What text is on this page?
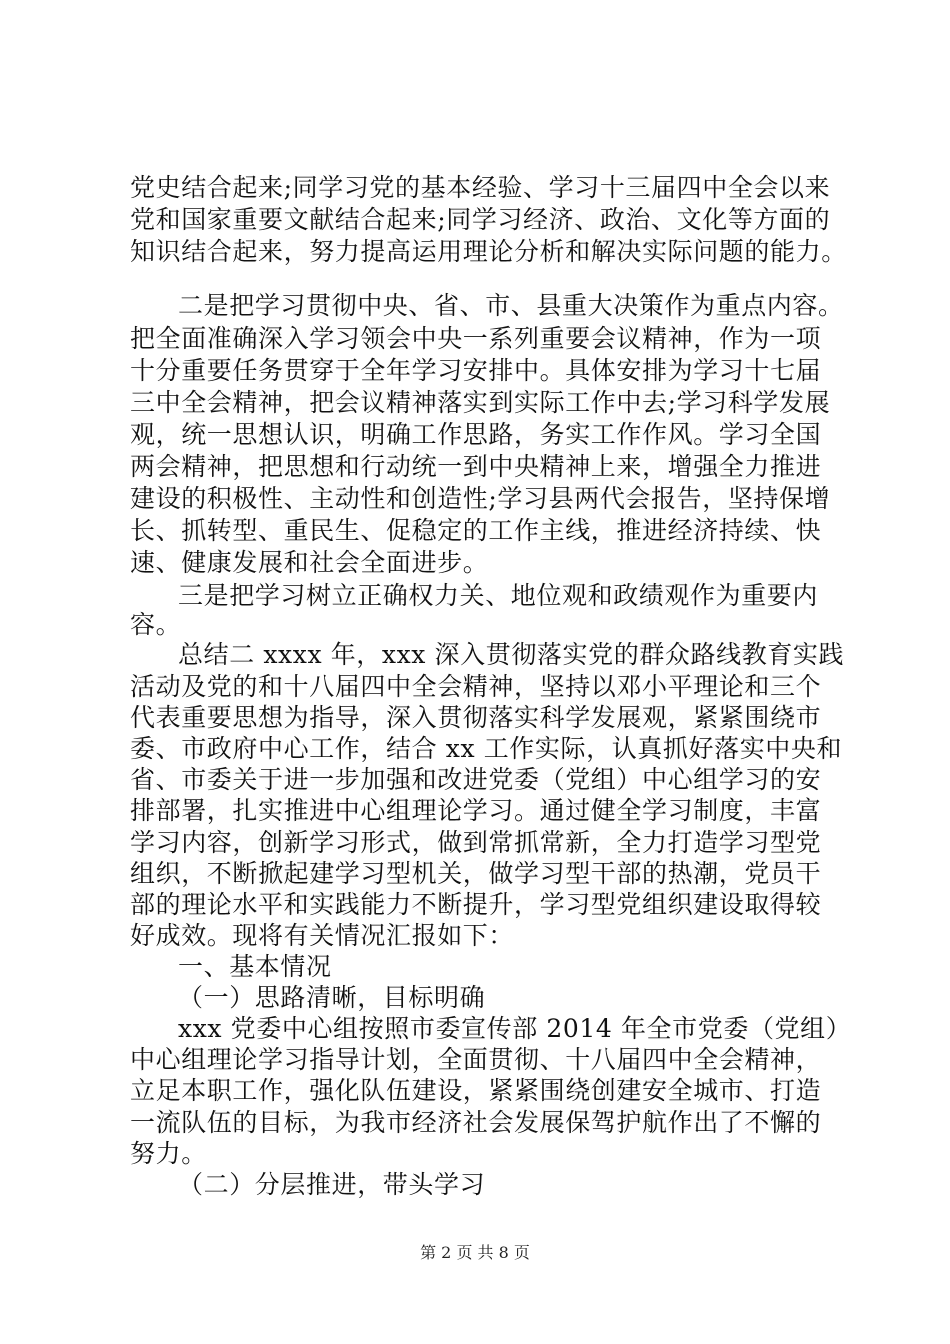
党史结合起来;同学习党的基本经验、学习十三届四中全会以来
党和国家重要文献结合起来;同学习经济、政治、文化等方面的
知识结合起来，努力提高运用理论分析和解决实际问题的能力。
二是把学习贯彻中央、省、市、县重大决策作为重点内容。
把全面准确深入学习领会中央一系列重要会议精神，作为一项
十分重要任务贯穿于全年学习安排中。具体安排为学习十七届
三中全会精神，把会议精神落实到实际工作中去;学习科学发展
观，统一思想认识，明确工作思路，务实工作作风。学习全国
两会精神，把思想和行动统一到中央精神上来，增强全力推进
建设的积极性、主动性和创造性;学习县两代会报告，坚持保增
长、抓转型、重民生、促稳定的工作主线，推进经济持续、快
速、健康发展和社会全面进步。
三是把学习树立正确权力关、地位观和政绩观作为重要内
容。
总结二 xxxx 年，xxx 深入贯彻落实党的群众路线教育实践
活动及党的和十八届四中全会精神，坚持以邓小平理论和三个
代表重要思想为指导，深入贯彻落实科学发展观，紧紧围绕市
委、市政府中心工作，结合 xx 工作实际，认真抓好落实中央和
省、市委关于进一步加强和改进党委（党组）中心组学习的安
排部署，扎实推进中心组理论学习。通过健全学习制度，丰富
学习内容，创新学习形式，做到常抓常新，全力打造学习型党
组织，不断掀起建学习型机关，做学习型干部的热潮，党员干
部的理论水平和实践能力不断提升，学习型党组织建设取得较
好成效。现将有关情况汇报如下：
一、基本情况
（一）思路清晰，目标明确
xxx 党委中心组按照市委宣传部 2014 年全市党委（党组）
中心组理论学习指导计划，全面贯彻、十八届四中全会精神，
立足本职工作，强化队伍建设，紧紧围绕创建安全城市、打造
一流队伍的目标，为我市经济社会发展保驾护航作出了不懈的
努力。
（二）分层推进，带头学习
第 2 页 共 8 页
